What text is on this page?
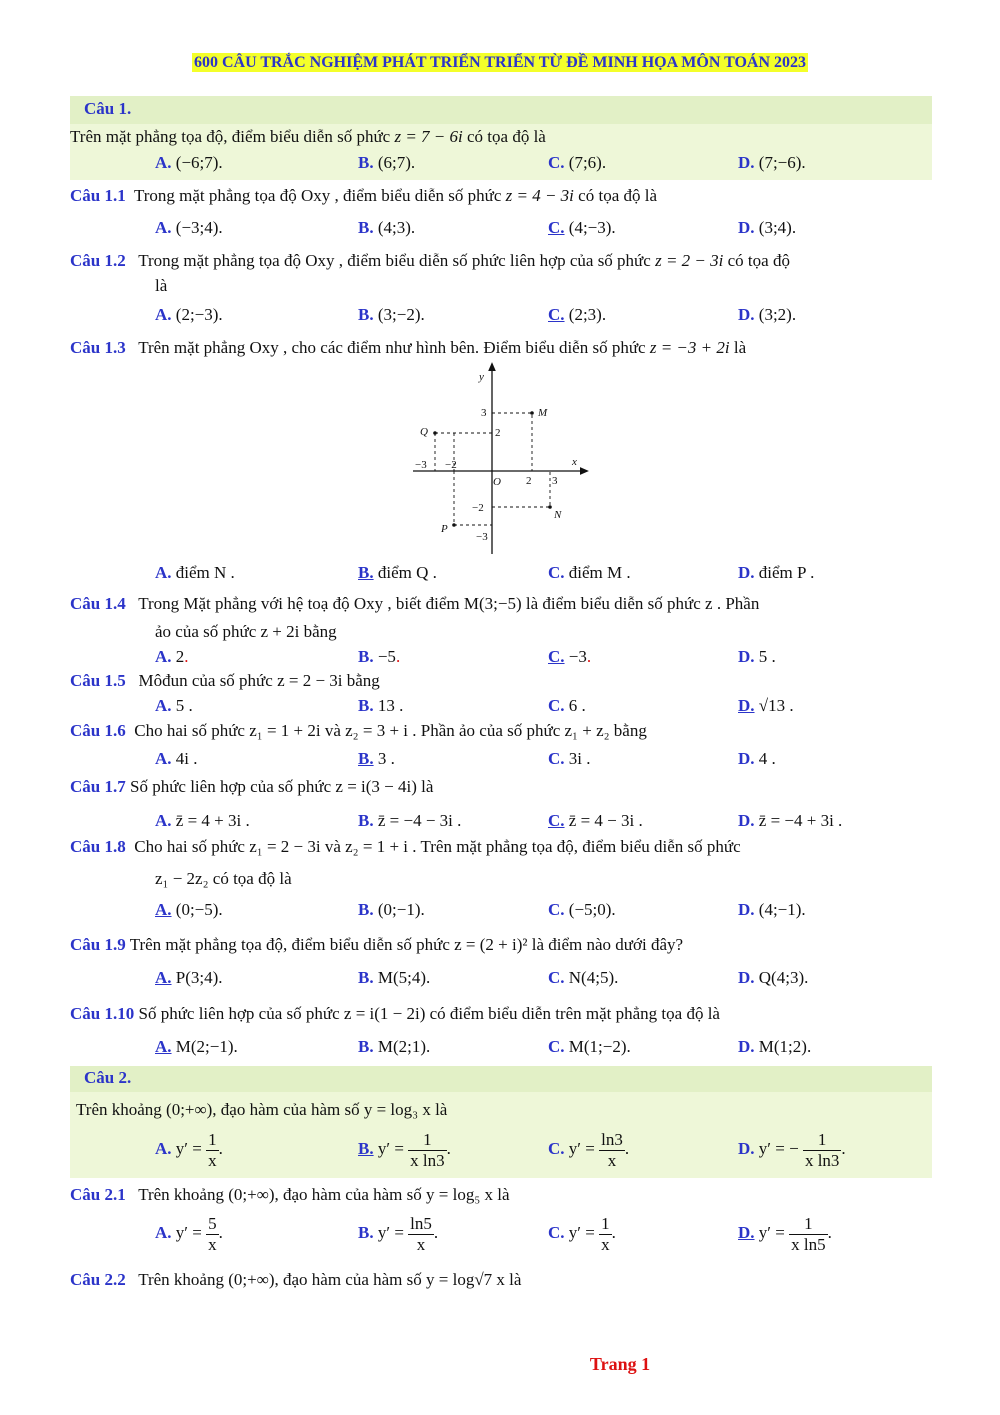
600 CÂU TRẮC NGHIỆM PHÁT TRIỂN TRIỂN TỪ ĐỀ MINH HỌA MÔN TOÁN 2023
Câu 1.
Trên mặt phẳng tọa độ, điểm biểu diễn số phức z = 7 − 6i có tọa độ là
A. (−6;7).	B. (6;7).	C. (7;6).	D. (7;−6).
Câu 1.1 Trong mặt phẳng tọa độ Oxy , điểm biểu diễn số phức z = 4 − 3i có tọa độ là
A. (−3;4).	B. (4;3).	C. (4;−3).	D. (3;4).
Câu 1.2 Trong mặt phẳng tọa độ Oxy , điểm biểu diễn số phức liên hợp của số phức z = 2 − 3i có tọa độ
là
A. (2;−3).	B. (3;−2).	C. (2;3).	D. (3;2).
Câu 1.3 Trên mặt phẳng Oxy , cho các điểm như hình bên. Điểm biểu diễn số phức z = −3 + 2i là
y
x
O
3
2
−3 −2
2 3
−2
−3
M
Q
N
P
A. điểm N .	B. điểm Q .	C. điểm M .	D. điểm P .
Câu 1.4 Trong Mặt phẳng với hệ toạ độ Oxy , biết điểm M(3;−5) là điểm biểu diễn số phức z . Phần
ảo của số phức z + 2i bằng
A. 2.	B. −5.	C. −3.	D. 5 .
Câu 1.5 Môđun của số phức z = 2 − 3i bằng
A. 5 .	B. 13 .	C. 6 .	D. √13 .
Câu 1.6 Cho hai số phức z₁ = 1 + 2i và z₂ = 3 + i . Phần ảo của số phức z₁ + z₂ bằng
A. 4i .	B. 3 .	C. 3i .	D. 4 .
Câu 1.7 Số phức liên hợp của số phức z = i(3 − 4i) là
A. z̄ = 4 + 3i .	B. z̄ = −4 − 3i .	C. z̄ = 4 − 3i .	D. z̄ = −4 + 3i .
Câu 1.8 Cho hai số phức z₁ = 2 − 3i và z₂ = 1 + i . Trên mặt phẳng tọa độ, điểm biểu diễn số phức
z₁ − 2z₂ có tọa độ là
A. (0;−5).	B. (0;−1).	C. (−5;0).	D. (4;−1).
Câu 1.9 Trên mặt phẳng tọa độ, điểm biểu diễn số phức z = (2 + i)² là điểm nào dưới đây?
A. P(3;4).	B. M(5;4).	C. N(4;5).	D. Q(4;3).
Câu 1.10 Số phức liên hợp của số phức z = i(1 − 2i) có điểm biểu diễn trên mặt phẳng tọa độ là
A. M(2;−1).	B. M(2;1).	C. M(1;−2).	D. M(1;2).
Câu 2.
Trên khoảng (0;+∞), đạo hàm của hàm số y = log₃ x là
A. $y' = \frac{1}{x}$ .	B. $y' = \frac{1}{\text{x ln3}}$ .	C. $y' = \frac{\ln 3}{x}$ .	D. y′ = − $\frac{1}{\text{x ln3}}$ .
Câu 2.1 Trên khoảng (0;+∞), đạo hàm của hàm số y = log₅ x là
A. $y' = \frac{5}{x}$ .	B. $y' = \frac{\ln 5}{x}$ .	C. $y' = \frac{1}{x}$ .	D. $y' = \frac{1}{\text{x ln5}}$ .
Câu 2.2 Trên khoảng (0;+∞), đạo hàm của hàm số y = log√7 x là
Trang 1
